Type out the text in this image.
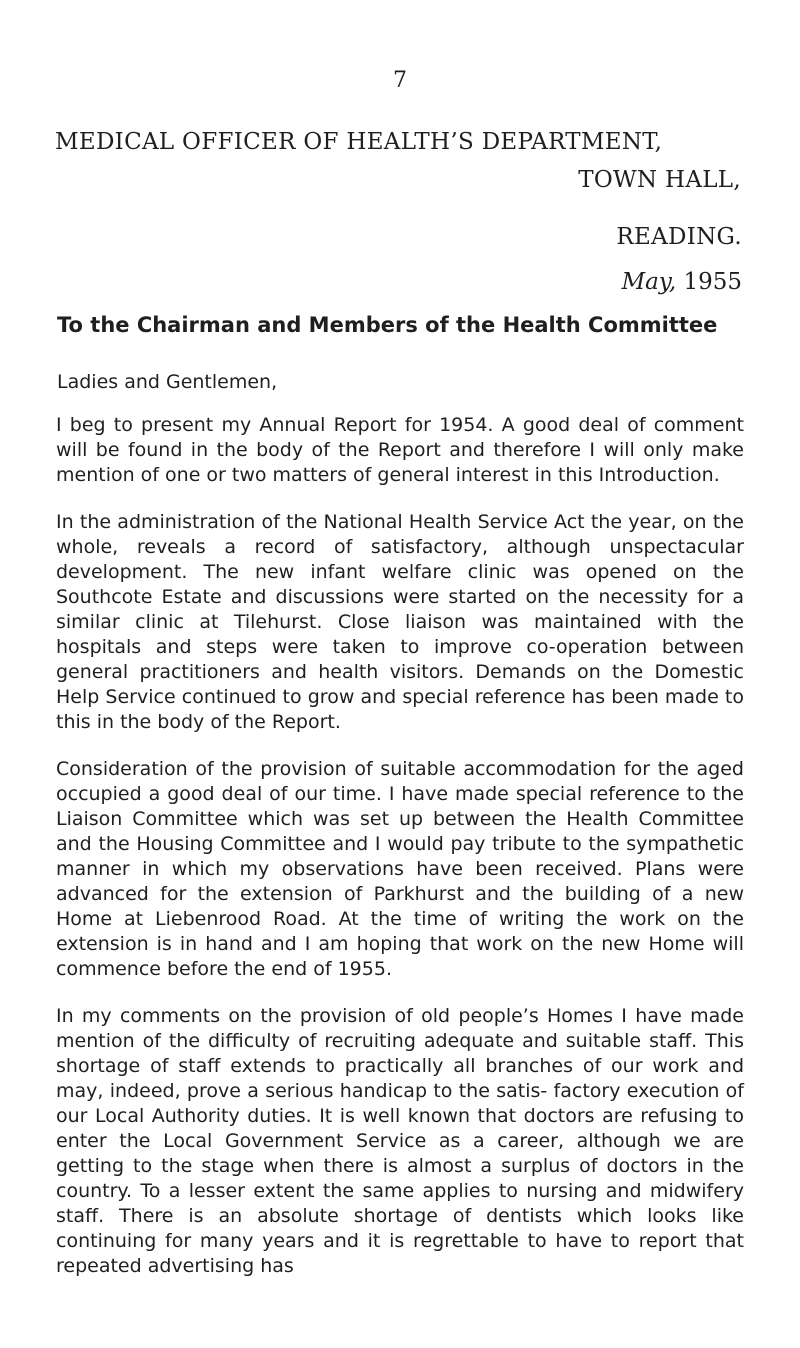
7
MEDICAL OFFICER OF HEALTH’S DEPARTMENT,
TOWN HALL,
READING.
May, 1955
To the Chairman and Members of the Health Committee

Ladies and Gentlemen,

I beg to present my Annual Report for 1954. A good deal of comment will be found in the body of the Report and therefore I will only make mention of one or two matters of general interest in this Introduction.

In the administration of the National Health Service Act the year, on the whole, reveals a record of satisfactory, although unspectacular development. The new infant welfare clinic was opened on the Southcote Estate and discussions were started on the necessity for a similar clinic at Tilehurst. Close liaison was maintained with the hospitals and steps were taken to improve co-operation between general practitioners and health visitors. Demands on the Domestic Help Service continued to grow and special reference has been made to this in the body of the Report.

Consideration of the provision of suitable accommodation for the aged occupied a good deal of our time. I have made special reference to the Liaison Committee which was set up between the Health Committee and the Housing Committee and I would pay tribute to the sympathetic manner in which my observations have been received. Plans were advanced for the extension of Parkhurst and the building of a new Home at Liebenrood Road. At the time of writing the work on the extension is in hand and I am hoping that work on the new Home will commence before the end of 1955.

In my comments on the provision of old people’s Homes I have made mention of the difficulty of recruiting adequate and suitable staff. This shortage of staff extends to practically all branches of our work and may, indeed, prove a serious handicap to the satis- factory execution of our Local Authority duties. It is well known that doctors are refusing to enter the Local Government Service as a career, although we are getting to the stage when there is almost a surplus of doctors in the country. To a lesser extent the same applies to nursing and midwifery staff. There is an absolute shortage of dentists which looks like continuing for many years and it is regrettable to have to report that repeated advertising has
